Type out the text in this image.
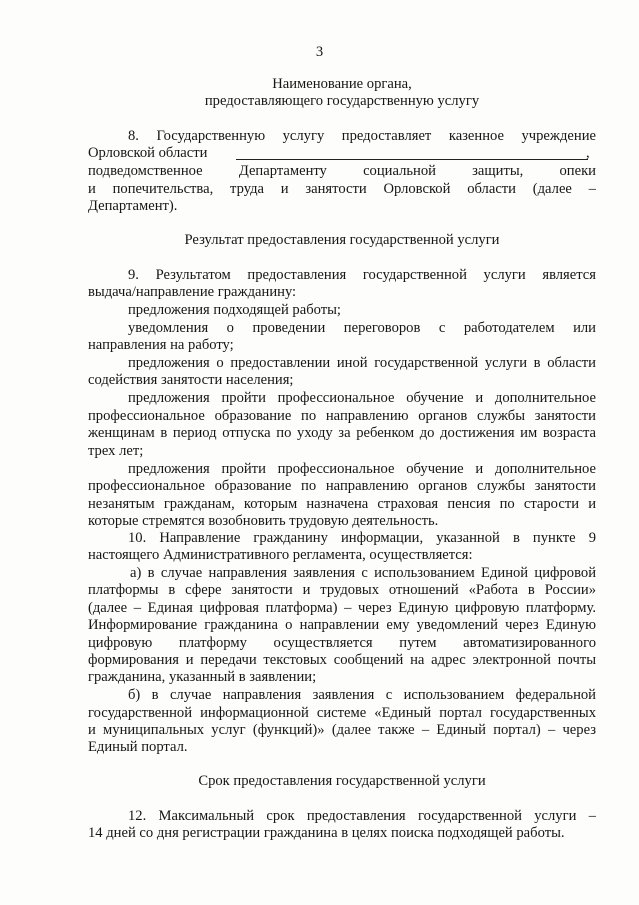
3
Наименование органа,
предоставляющего государственную услугу
8. Государственную услугу предоставляет казенное учреждение
Орловской области	,
подведомственное Департаменту социальной защиты, опеки
и попечительства, труда и занятости Орловской области (далее –
Департамент).
Результат предоставления государственной услуги
9. Результатом предоставления государственной услуги является
выдача/направление гражданину:
предложения подходящей работы;
уведомления о проведении переговоров с работодателем или
направления на работу;
предложения о предоставлении иной государственной услуги в области
содействия занятости населения;
предложения пройти профессиональное обучение и дополнительное
профессиональное образование по направлению органов службы занятости
женщинам в период отпуска по уходу за ребенком до достижения им возраста
трех лет;
предложения пройти профессиональное обучение и дополнительное
профессиональное образование по направлению органов службы занятости
незанятым гражданам, которым назначена страховая пенсия по старости и
которые стремятся возобновить трудовую деятельность.
10. Направление гражданину информации, указанной в пункте 9
настоящего Административного регламента, осуществляется:
а) в случае направления заявления с использованием Единой цифровой
платформы в сфере занятости и трудовых отношений «Работа в России»
(далее – Единая цифровая платформа) – через Единую цифровую платформу.
Информирование гражданина о направлении ему уведомлений через Единую
цифровую платформу осуществляется путем автоматизированного
формирования и передачи текстовых сообщений на адрес электронной почты
гражданина, указанный в заявлении;
б) в случае направления заявления с использованием федеральной
государственной информационной системе «Единый портал государственных
и муниципальных услуг (функций)» (далее также – Единый портал) – через
Единый портал.
Срок предоставления государственной услуги
12. Максимальный срок предоставления государственной услуги –
14 дней со дня регистрации гражданина в целях поиска подходящей работы.
